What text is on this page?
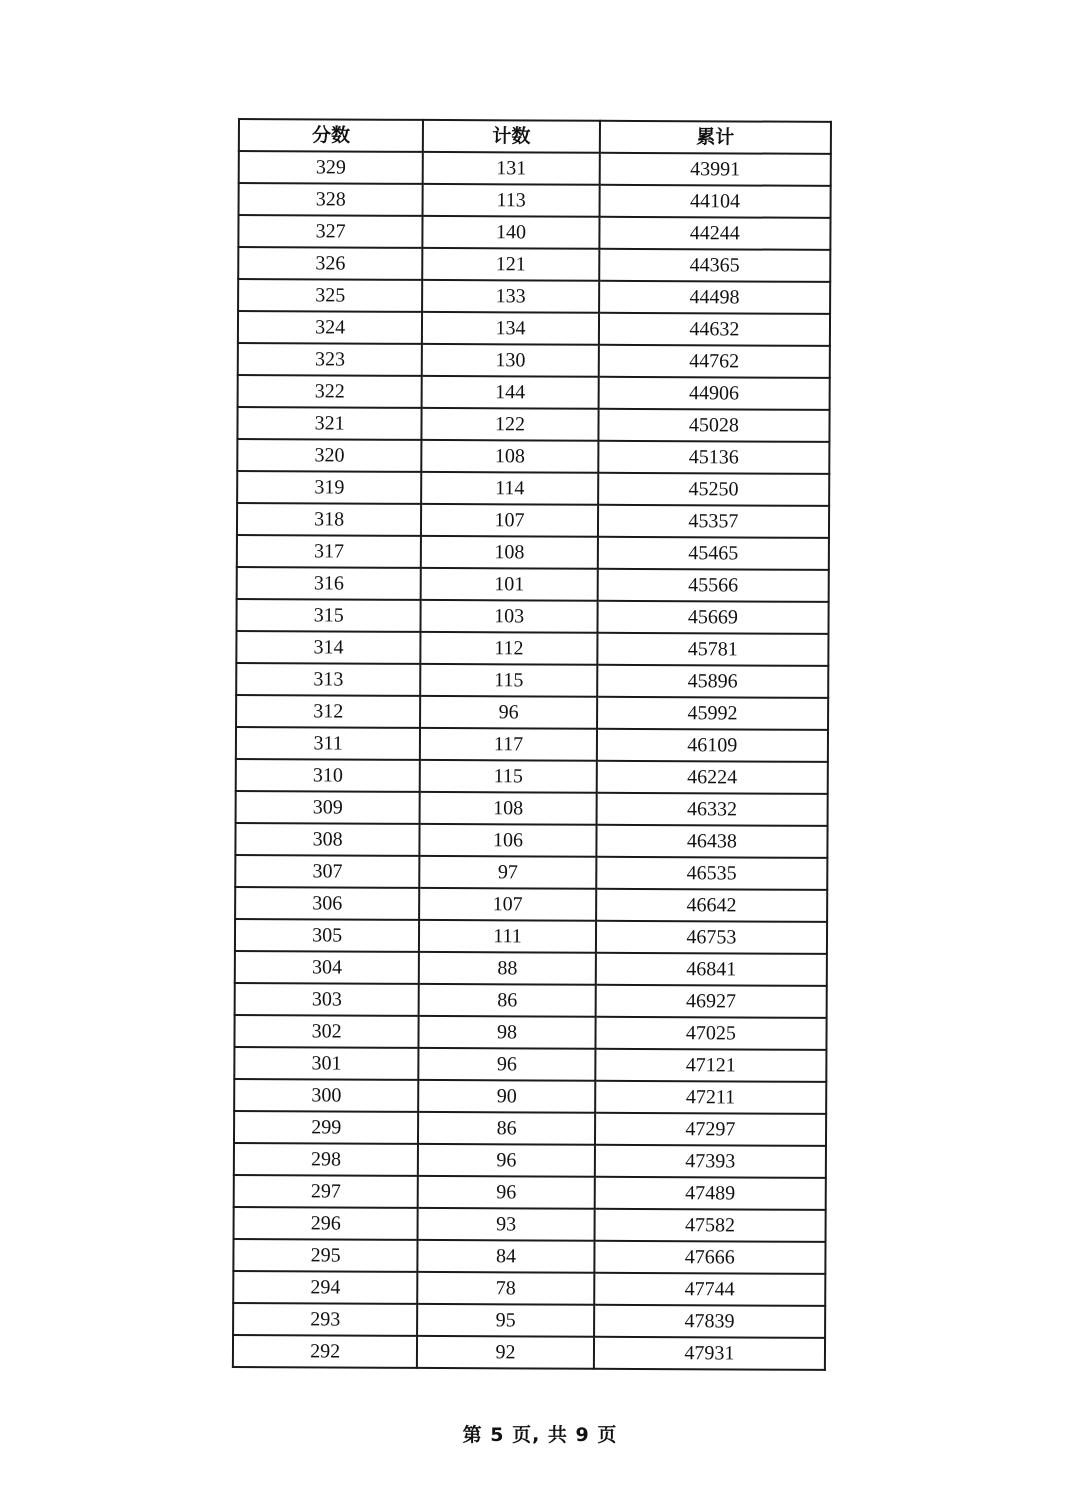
分数	计数	累计
329	131	43991
328	113	44104
327	140	44244
326	121	44365
325	133	44498
324	134	44632
323	130	44762
322	144	44906
321	122	45028
320	108	45136
319	114	45250
318	107	45357
317	108	45465
316	101	45566
315	103	45669
314	112	45781
313	115	45896
312	96	45992
311	117	46109
310	115	46224
309	108	46332
308	106	46438
307	97	46535
306	107	46642
305	111	46753
304	88	46841
303	86	46927
302	98	47025
301	96	47121
300	90	47211
299	86	47297
298	96	47393
297	96	47489
296	93	47582
295	84	47666
294	78	47744
293	95	47839
292	92	47931
第 5 页, 共 9 页
